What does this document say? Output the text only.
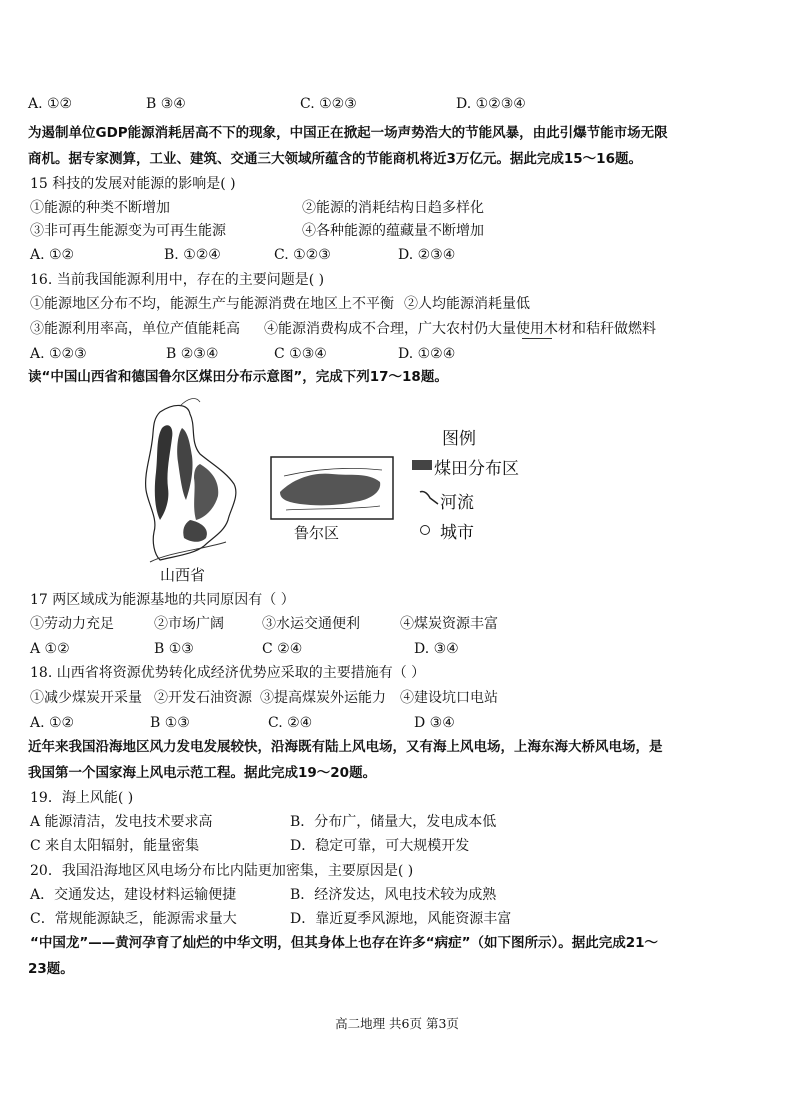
A. ①②	B ③④	C. ①②③	D. ①②③④
为遏制单位GDP能源消耗居高不下的现象，中国正在掀起一场声势浩大的节能风暴，由此引爆节能市场无限
商机。据专家测算，工业、建筑、交通三大领域所蕴含的节能商机将近3万亿元。据此完成15～16题。
15 科技的发展对能源的影响是( )
①能源的种类不断增加	②能源的消耗结构日趋多样化
③非可再生能源变为可再生能源	④各种能源的蕴藏量不断增加
A. ①②	B. ①②④	C. ①②③	D. ②③④
16. 当前我国能源利用中，存在的主要问题是( )
①能源地区分布不均，能源生产与能源消费在地区上不平衡 ②人均能源消耗量低
③能源利用率高，单位产值能耗高 ④能源消费构成不合理，广大农村仍大量使用木材和秸秆做燃料
A. ①②③	B ②③④	C ①③④	D. ①②④
读“中国山西省和德国鲁尔区煤田分布示意图”，完成下列17～18题。
山西省
鲁尔区
图例
煤田分布区
河流
城市
17 两区域成为能源基地的共同原因有（ ）
①劳动力充足	②市场广阔	③水运交通便利	④煤炭资源丰富
A ①②	B ①③	C ②④	D. ③④
18. 山西省将资源优势转化成经济优势应采取的主要措施有（ ）
①减少煤炭开采量 ②开发石油资源 ③提高煤炭外运能力 ④建设坑口电站
A. ①②	B ①③	C. ②④	D ③④
近年来我国沿海地区风力发电发展较快，沿海既有陆上风电场，又有海上风电场，上海东海大桥风电场，是
我国第一个国家海上风电示范工程。据此完成19～20题。
19．海上风能( )
A 能源清洁，发电技术要求高	B．分布广，储量大，发电成本低
C 来自太阳辐射，能量密集	D．稳定可靠，可大规模开发
20．我国沿海地区风电场分布比内陆更加密集，主要原因是( )
A．交通发达，建设材料运输便捷	B．经济发达，风电技术较为成熟
C．常规能源缺乏，能源需求量大	D．靠近夏季风源地，风能资源丰富
“中国龙”——黄河孕育了灿烂的中华文明，但其身体上也存在许多“病症”（如下图所示）。据此完成21～
23题。
高二地理 共6页 第3页
